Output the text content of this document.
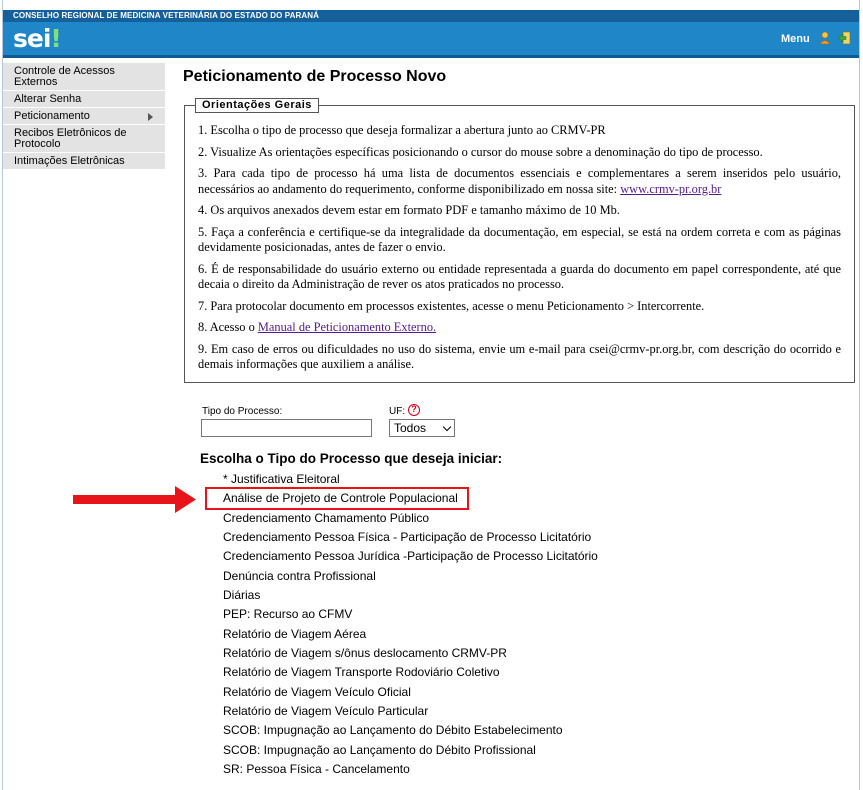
CONSELHO REGIONAL DE MEDICINA VETERINÁRIA DO ESTADO DO PARANÁ
sei!	Menu
Controle de Acessos Externos
Alterar Senha
Peticionamento
Recibos Eletrônicos de Protocolo
Intimações Eletrônicas
Peticionamento de Processo Novo
Orientações Gerais

1. Escolha o tipo de processo que deseja formalizar a abertura junto ao CRMV-PR

2. Visualize As orientações específicas posicionando o cursor do mouse sobre a denominação do tipo de processo.

3. Para cada tipo de processo há uma lista de documentos essenciais e complementares a serem inseridos pelo usuário, necessários ao andamento do requerimento, conforme disponibilizado em nossa site: www.crmv-pr.org.br

4. Os arquivos anexados devem estar em formato PDF e tamanho máximo de 10 Mb.

5. Faça a conferência e certifique-se da integralidade da documentação, em especial, se está na ordem correta e com as páginas devidamente posicionadas, antes de fazer o envio.

6. É de responsabilidade do usuário externo ou entidade representada a guarda do documento em papel correspondente, até que decaia o direito da Administração de rever os atos praticados no processo.

7. Para protocolar documento em processos existentes, acesse o menu Peticionamento > Intercorrente.

8. Acesso o Manual de Peticionamento Externo.

9. Em caso de erros ou dificuldades no uso do sistema, envie um e-mail para csei@crmv-pr.org.br, com descrição do ocorrido e demais informações que auxiliem a análise.

Tipo do Processo:	UF: ?
Todos
Escolha o Tipo do Processo que deseja iniciar:
* Justificativa Eleitoral
Análise de Projeto de Controle Populacional
Credenciamento Chamamento Público
Credenciamento Pessoa Física - Participação de Processo Licitatório
Credenciamento Pessoa Jurídica -Participação de Processo Licitatório
Denúncia contra Profissional
Diárias
PEP: Recurso ao CFMV
Relatório de Viagem Aérea
Relatório de Viagem s/ônus deslocamento CRMV-PR
Relatório de Viagem Transporte Rodoviário Coletivo
Relatório de Viagem Veículo Oficial
Relatório de Viagem Veículo Particular
SCOB: Impugnação ao Lançamento do Débito Estabelecimento
SCOB: Impugnação ao Lançamento do Débito Profissional
SR: Pessoa Física - Cancelamento
